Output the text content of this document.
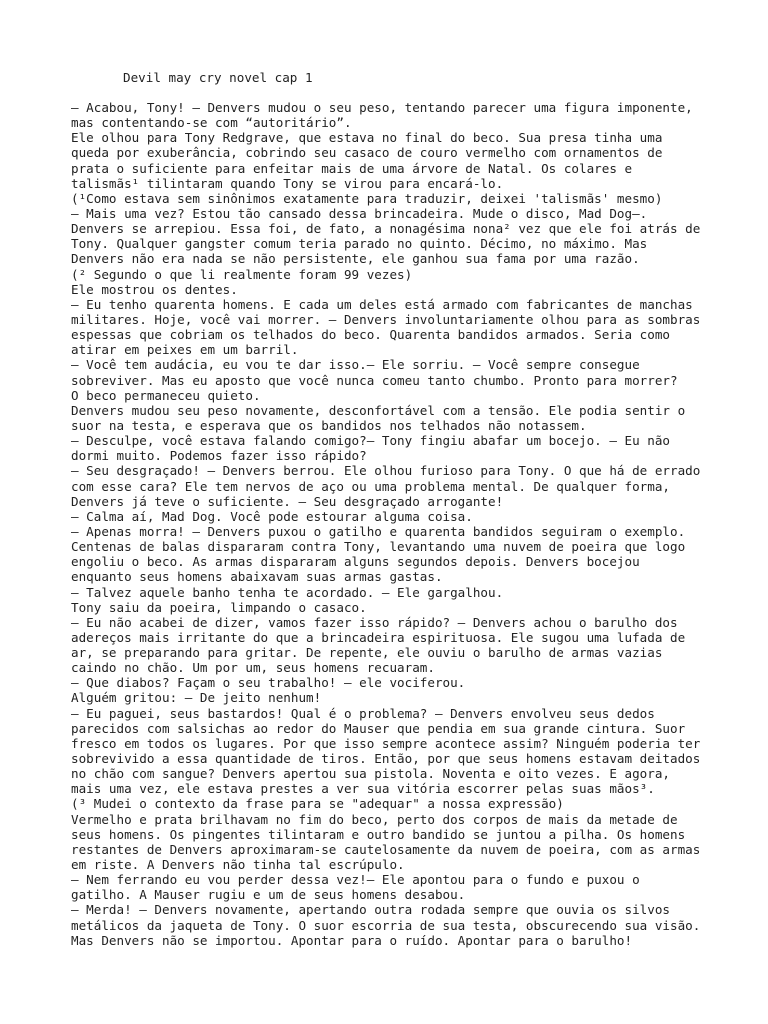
Devil may cry novel cap 1
— Acabou, Tony! — Denvers mudou o seu peso, tentando parecer uma figura imponente,
mas contentando-se com “autoritário”.
Ele olhou para Tony Redgrave, que estava no final do beco. Sua presa tinha uma
queda por exuberância, cobrindo seu casaco de couro vermelho com ornamentos de
prata o suficiente para enfeitar mais de uma árvore de Natal. Os colares e
talismãs¹ tilintaram quando Tony se virou para encará-lo.
(¹Como estava sem sinônimos exatamente para traduzir, deixei 'talismãs' mesmo)
— Mais uma vez? Estou tão cansado dessa brincadeira. Mude o disco, Mad Dog—.
Denvers se arrepiou. Essa foi, de fato, a nonagésima nona² vez que ele foi atrás de
Tony. Qualquer gangster comum teria parado no quinto. Décimo, no máximo. Mas
Denvers não era nada se não persistente, ele ganhou sua fama por uma razão.
(² Segundo o que li realmente foram 99 vezes)
Ele mostrou os dentes.
— Eu tenho quarenta homens. E cada um deles está armado com fabricantes de manchas
militares. Hoje, você vai morrer. — Denvers involuntariamente olhou para as sombras
espessas que cobriam os telhados do beco. Quarenta bandidos armados. Seria como
atirar em peixes em um barril.
— Você tem audácia, eu vou te dar isso.— Ele sorriu. — Você sempre consegue
sobreviver. Mas eu aposto que você nunca comeu tanto chumbo. Pronto para morrer?
O beco permaneceu quieto.
Denvers mudou seu peso novamente, desconfortável com a tensão. Ele podia sentir o
suor na testa, e esperava que os bandidos nos telhados não notassem.
— Desculpe, você estava falando comigo?— Tony fingiu abafar um bocejo. — Eu não
dormi muito. Podemos fazer isso rápido?
— Seu desgraçado! — Denvers berrou. Ele olhou furioso para Tony. O que há de errado
com esse cara? Ele tem nervos de aço ou uma problema mental. De qualquer forma,
Denvers já teve o suficiente. — Seu desgraçado arrogante!
— Calma aí, Mad Dog. Você pode estourar alguma coisa.
— Apenas morra! — Denvers puxou o gatilho e quarenta bandidos seguiram o exemplo.
Centenas de balas dispararam contra Tony, levantando uma nuvem de poeira que logo
engoliu o beco. As armas dispararam alguns segundos depois. Denvers bocejou
enquanto seus homens abaixavam suas armas gastas.
— Talvez aquele banho tenha te acordado. — Ele gargalhou.
Tony saiu da poeira, limpando o casaco.
— Eu não acabei de dizer, vamos fazer isso rápido? — Denvers achou o barulho dos
adereços mais irritante do que a brincadeira espirituosa. Ele sugou uma lufada de
ar, se preparando para gritar. De repente, ele ouviu o barulho de armas vazias
caindo no chão. Um por um, seus homens recuaram.
— Que diabos? Façam o seu trabalho! — ele vociferou.
Alguém gritou: — De jeito nenhum!
— Eu paguei, seus bastardos! Qual é o problema? — Denvers envolveu seus dedos
parecidos com salsichas ao redor do Mauser que pendia em sua grande cintura. Suor
fresco em todos os lugares. Por que isso sempre acontece assim? Ninguém poderia ter
sobrevivido a essa quantidade de tiros. Então, por que seus homens estavam deitados
no chão com sangue? Denvers apertou sua pistola. Noventa e oito vezes. E agora,
mais uma vez, ele estava prestes a ver sua vitória escorrer pelas suas mãos³.
(³ Mudei o contexto da frase para se "adequar" a nossa expressão)
Vermelho e prata brilhavam no fim do beco, perto dos corpos de mais da metade de
seus homens. Os pingentes tilintaram e outro bandido se juntou a pilha. Os homens
restantes de Denvers aproximaram-se cautelosamente da nuvem de poeira, com as armas
em riste. A Denvers não tinha tal escrúpulo.
— Nem ferrando eu vou perder dessa vez!— Ele apontou para o fundo e puxou o
gatilho. A Mauser rugiu e um de seus homens desabou.
— Merda! — Denvers novamente, apertando outra rodada sempre que ouvia os silvos
metálicos da jaqueta de Tony. O suor escorria de sua testa, obscurecendo sua visão.
Mas Denvers não se importou. Apontar para o ruído. Apontar para o barulho!
